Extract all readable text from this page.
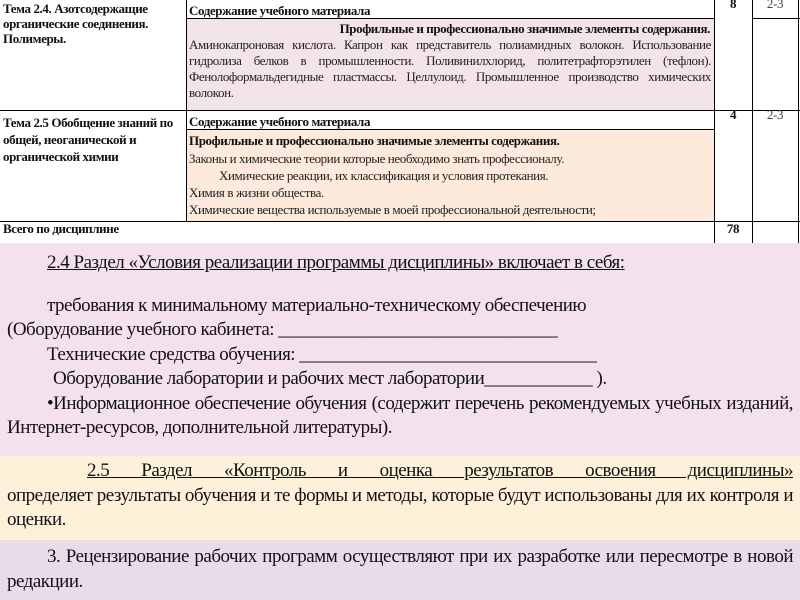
Тема 2.4. Азотсодержащие органические соединения. Полимеры.
Содержание учебного материала	8	2-3
Профильные и профессионально значимые элементы содержания.
Аминокапроновая кислота. Капрон как представитель полиамидных волокон. Использование гидролиза белков в промышленности. Поливинилхлорид, политетрафторэтилен (тефлон). Фенолоформальдегидные пластмассы. Целлулоид. Промышленное производство химических волокон.
Тема 2.5 Обобщение знаний по общей, неоганической и органической химии
Содержание учебного материала	4	2-3
Профильные и профессионально значимые элементы содержания.
Законы и химические теории которые необходимо знать профессионалу.
Химические реакции, их классификация и условия протекания.
Химия в жизни общества.
Химические вещества используемые в моей профессиональной деятельности;
Всего по дисциплине	78
2.4 Раздел «Условия реализации программы дисциплины» включает в себя:
требования к минимальному материально-техническому обеспечению
(Оборудование учебного кабинета: _______________________________
Технические средства обучения: _________________________________
Оборудование лаборатории и рабочих мест лаборатории____________ ).
•Информационное обеспечение обучения (содержит перечень рекомендуемых учебных изданий, Интернет-ресурсов, дополнительной литературы).
2.5 Раздел «Контроль и оценка результатов освоения дисциплины»
определяет результаты обучения и те формы и методы, которые будут использованы для их контроля и оценки.
3. Рецензирование рабочих программ осуществляют при их разработке или пересмотре в новой редакции.
